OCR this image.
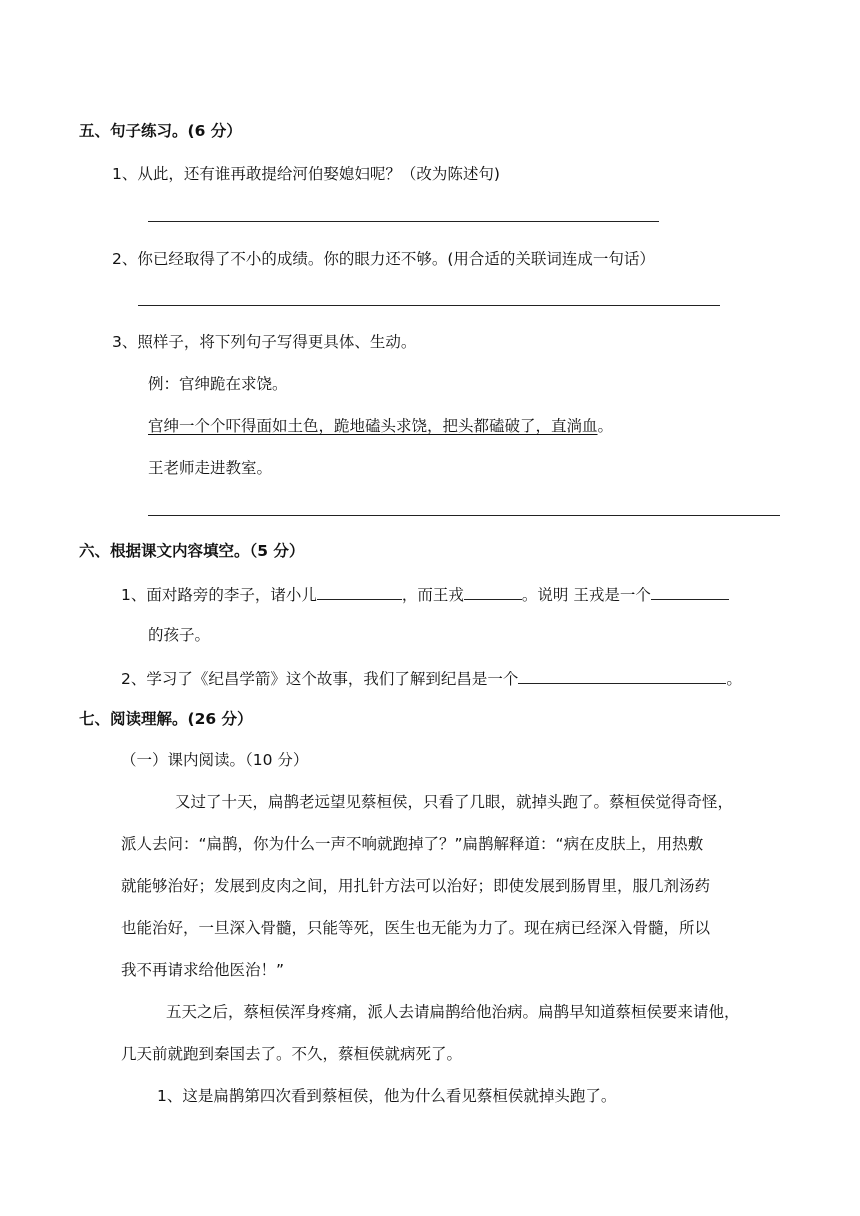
五、句子练习。(6 分）
1、从此，还有谁再敢提给河伯娶媳妇呢？（改为陈述句)
2、你已经取得了不小的成绩。你的眼力还不够。(用合适的关联词连成一句话）
3、照样子，将下列句子写得更具体、生动。
例：官绅跪在求饶。
官绅一个个吓得面如土色，跪地磕头求饶，把头都磕破了，直淌血。
王老师走进教室。
六、根据课文内容填空。（5 分）
1、面对路旁的李子，诸小儿	，而王戎	。说明 王戎是一个
的孩子。
2、学习了《纪昌学箭》这个故事，我们了解到纪昌是一个	。
七、阅读理解。(26 分）
（一）课内阅读。（10 分）
又过了十天，扁鹊老远望见蔡桓侯，只看了几眼，就掉头跑了。蔡桓侯觉得奇怪，
派人去问：“扁鹊，你为什么一声不响就跑掉了？”扁鹊解释道：“病在皮肤上，用热敷
就能够治好；发展到皮肉之间，用扎针方法可以治好；即使发展到肠胃里，服几剂汤药
也能治好，一旦深入骨髓，只能等死，医生也无能为力了。现在病已经深入骨髓，所以
我不再请求给他医治！”
五天之后，蔡桓侯浑身疼痛，派人去请扁鹊给他治病。扁鹊早知道蔡桓侯要来请他，
几天前就跑到秦国去了。不久，蔡桓侯就病死了。
1、这是扁鹊第四次看到蔡桓侯，他为什么看见蔡桓侯就掉头跑了。
